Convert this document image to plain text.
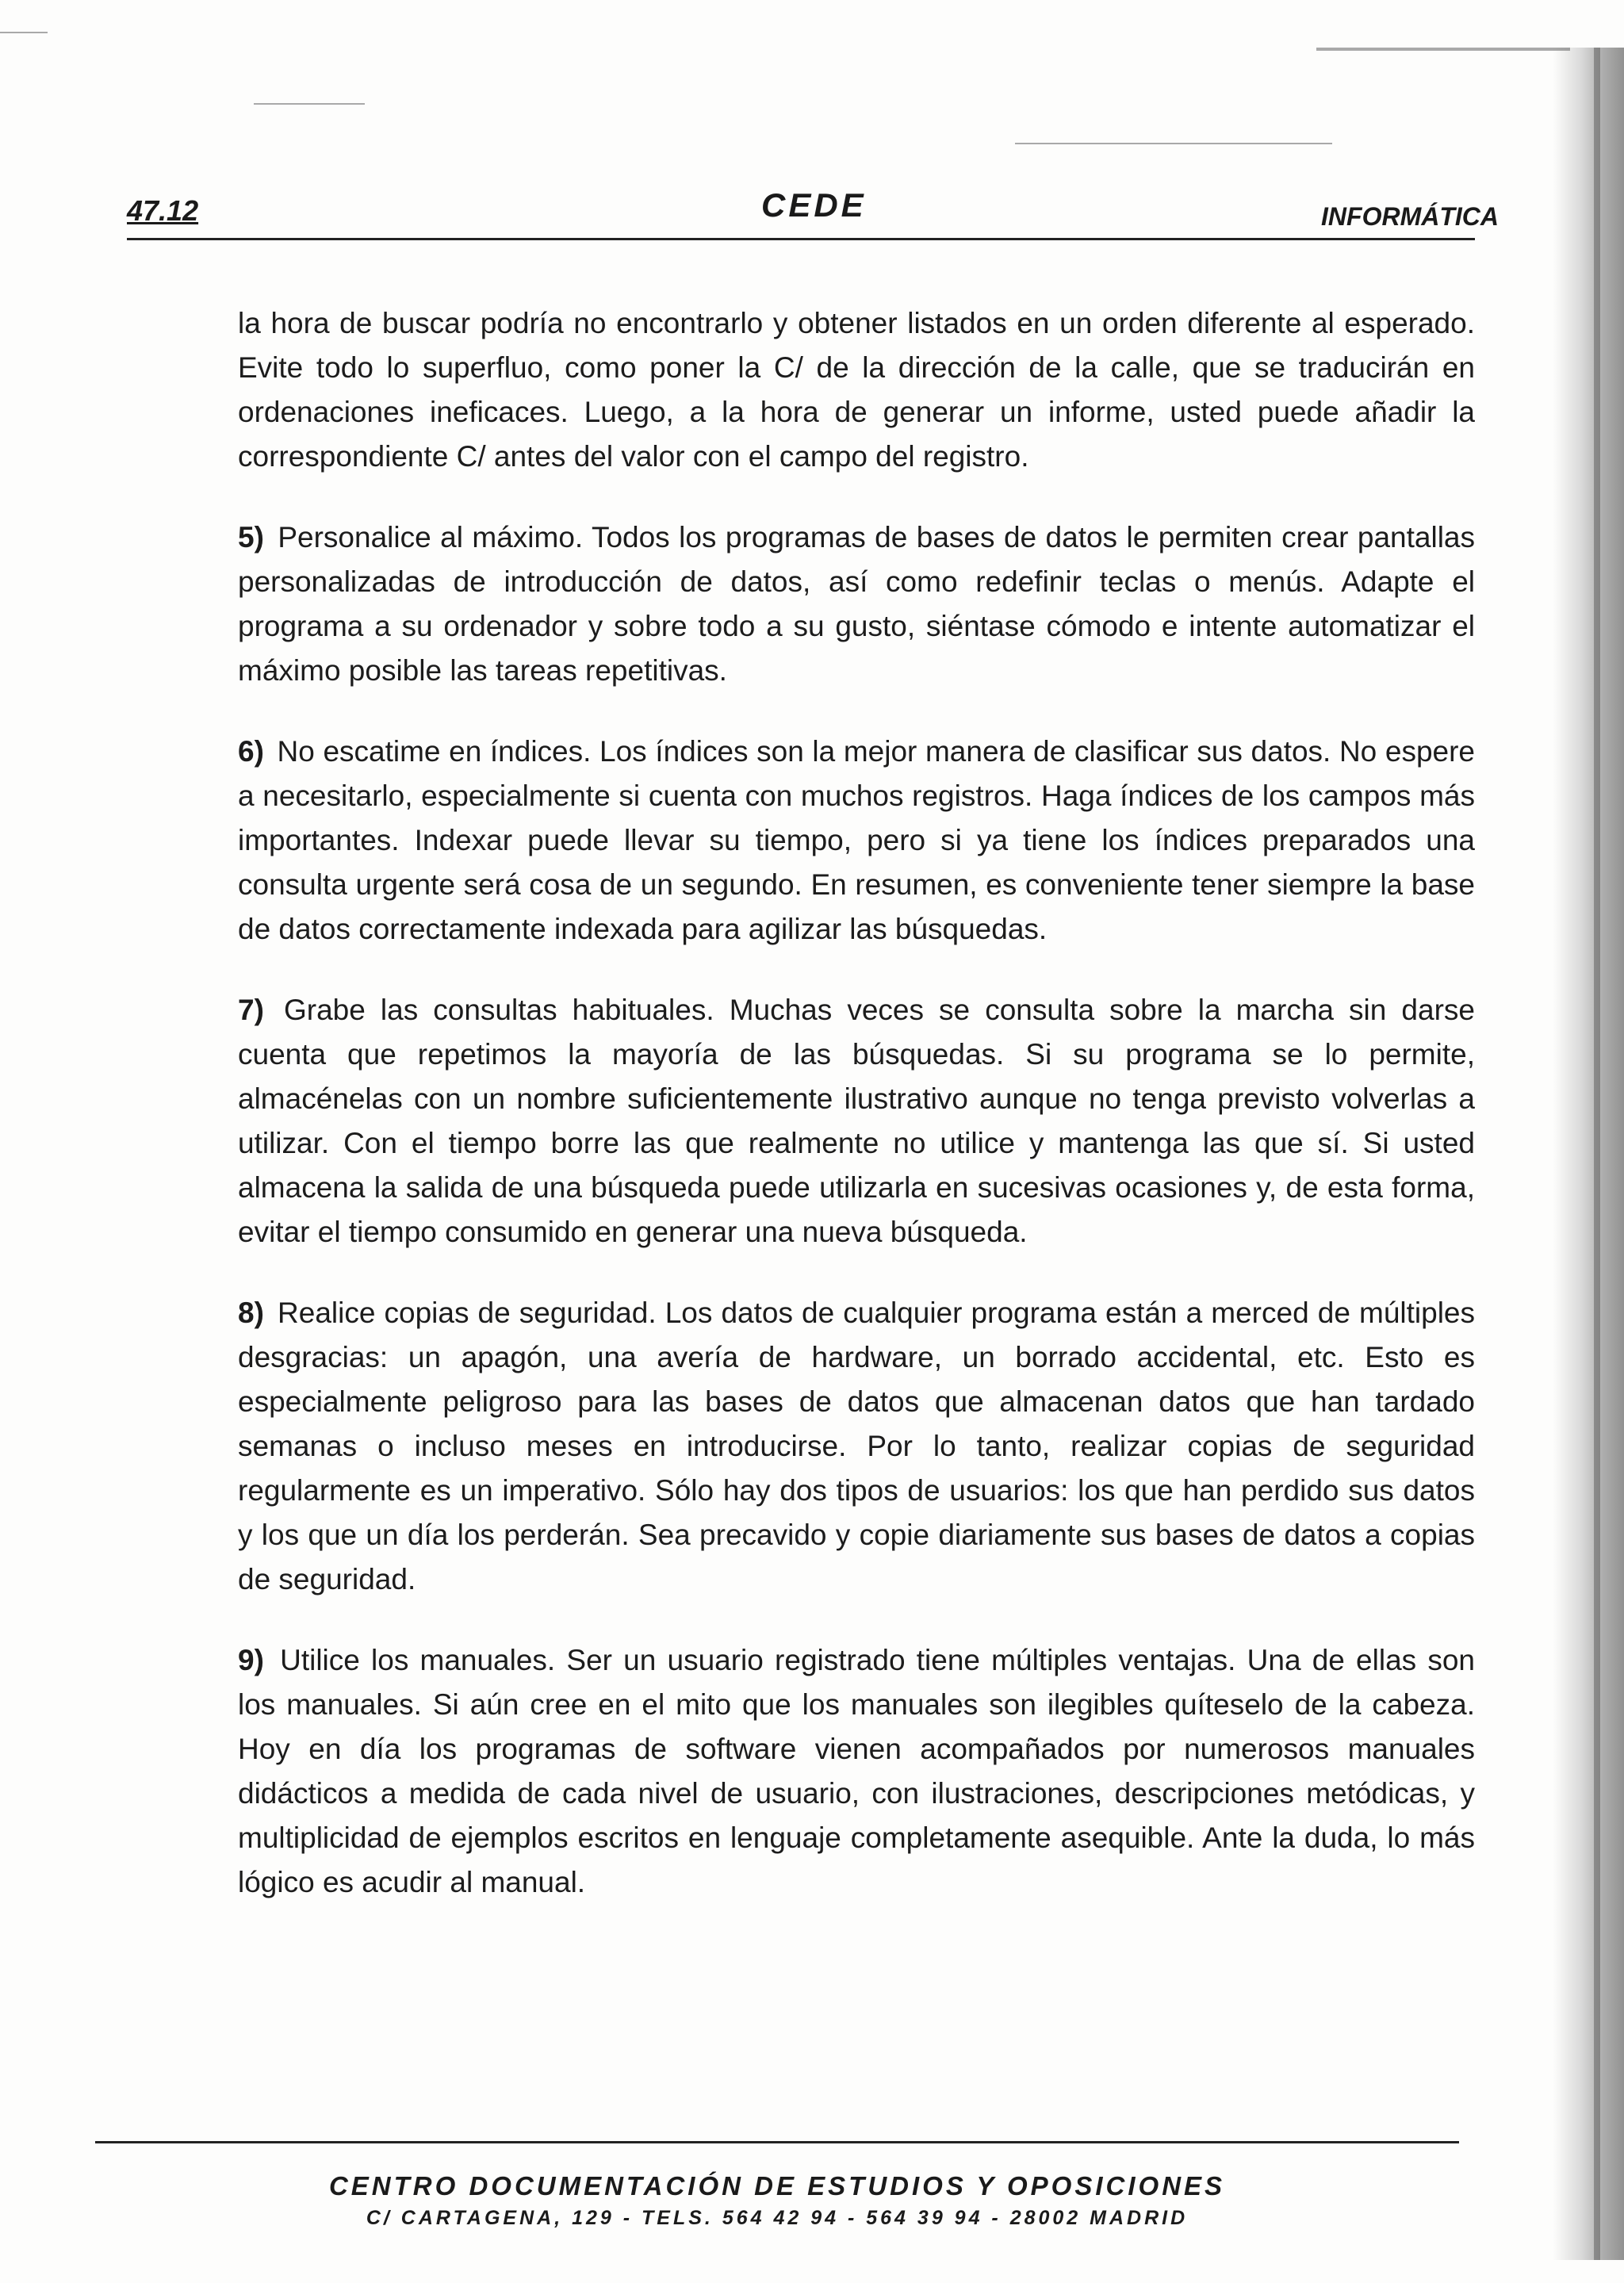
47.12	CEDE	INFORMÁTICA

la hora de buscar podría no encontrarlo y obtener listados en un orden diferente al esperado. Evite todo lo superfluo, como poner la C/ de la dirección de la calle, que se traducirán en ordenaciones ineficaces. Luego, a la hora de generar un informe, usted puede añadir la correspondiente C/ antes del valor con el campo del registro.

5) Personalice al máximo. Todos los programas de bases de datos le permiten crear pantallas personalizadas de introducción de datos, así como redefinir teclas o menús. Adapte el programa a su ordenador y sobre todo a su gusto, siéntase cómodo e intente automatizar el máximo posible las tareas repetitivas.

6) No escatime en índices. Los índices son la mejor manera de clasificar sus datos. No espere a necesitarlo, especialmente si cuenta con muchos registros. Haga índices de los campos más importantes. Indexar puede llevar su tiempo, pero si ya tiene los índices preparados una consulta urgente será cosa de un segundo. En resumen, es conveniente tener siempre la base de datos correctamente indexada para agilizar las búsquedas.

7) Grabe las consultas habituales. Muchas veces se consulta sobre la marcha sin darse cuenta que repetimos la mayoría de las búsquedas. Si su programa se lo permite, almacénelas con un nombre suficientemente ilustrativo aunque no tenga previsto volverlas a utilizar. Con el tiempo borre las que realmente no utilice y mantenga las que sí. Si usted almacena la salida de una búsqueda puede utilizarla en sucesivas ocasiones y, de esta forma, evitar el tiempo consumido en generar una nueva búsqueda.

8) Realice copias de seguridad. Los datos de cualquier programa están a merced de múltiples desgracias: un apagón, una avería de hardware, un borrado accidental, etc. Esto es especialmente peligroso para las bases de datos que almacenan datos que han tardado semanas o incluso meses en introducirse. Por lo tanto, realizar copias de seguridad regularmente es un imperativo. Sólo hay dos tipos de usuarios: los que han perdido sus datos y los que un día los perderán. Sea precavido y copie diariamente sus bases de datos a copias de seguridad.

9) Utilice los manuales. Ser un usuario registrado tiene múltiples ventajas. Una de ellas son los manuales. Si aún cree en el mito que los manuales son ilegibles quíteselo de la cabeza. Hoy en día los programas de software vienen acompañados por numerosos manuales didácticos a medida de cada nivel de usuario, con ilustraciones, descripciones metódicas, y multiplicidad de ejemplos escritos en lenguaje completamente asequible. Ante la duda, lo más lógico es acudir al manual.

CENTRO DOCUMENTACIÓN DE ESTUDIOS Y OPOSICIONES
C/ CARTAGENA, 129 - TELS. 564 42 94 - 564 39 94 - 28002 MADRID
